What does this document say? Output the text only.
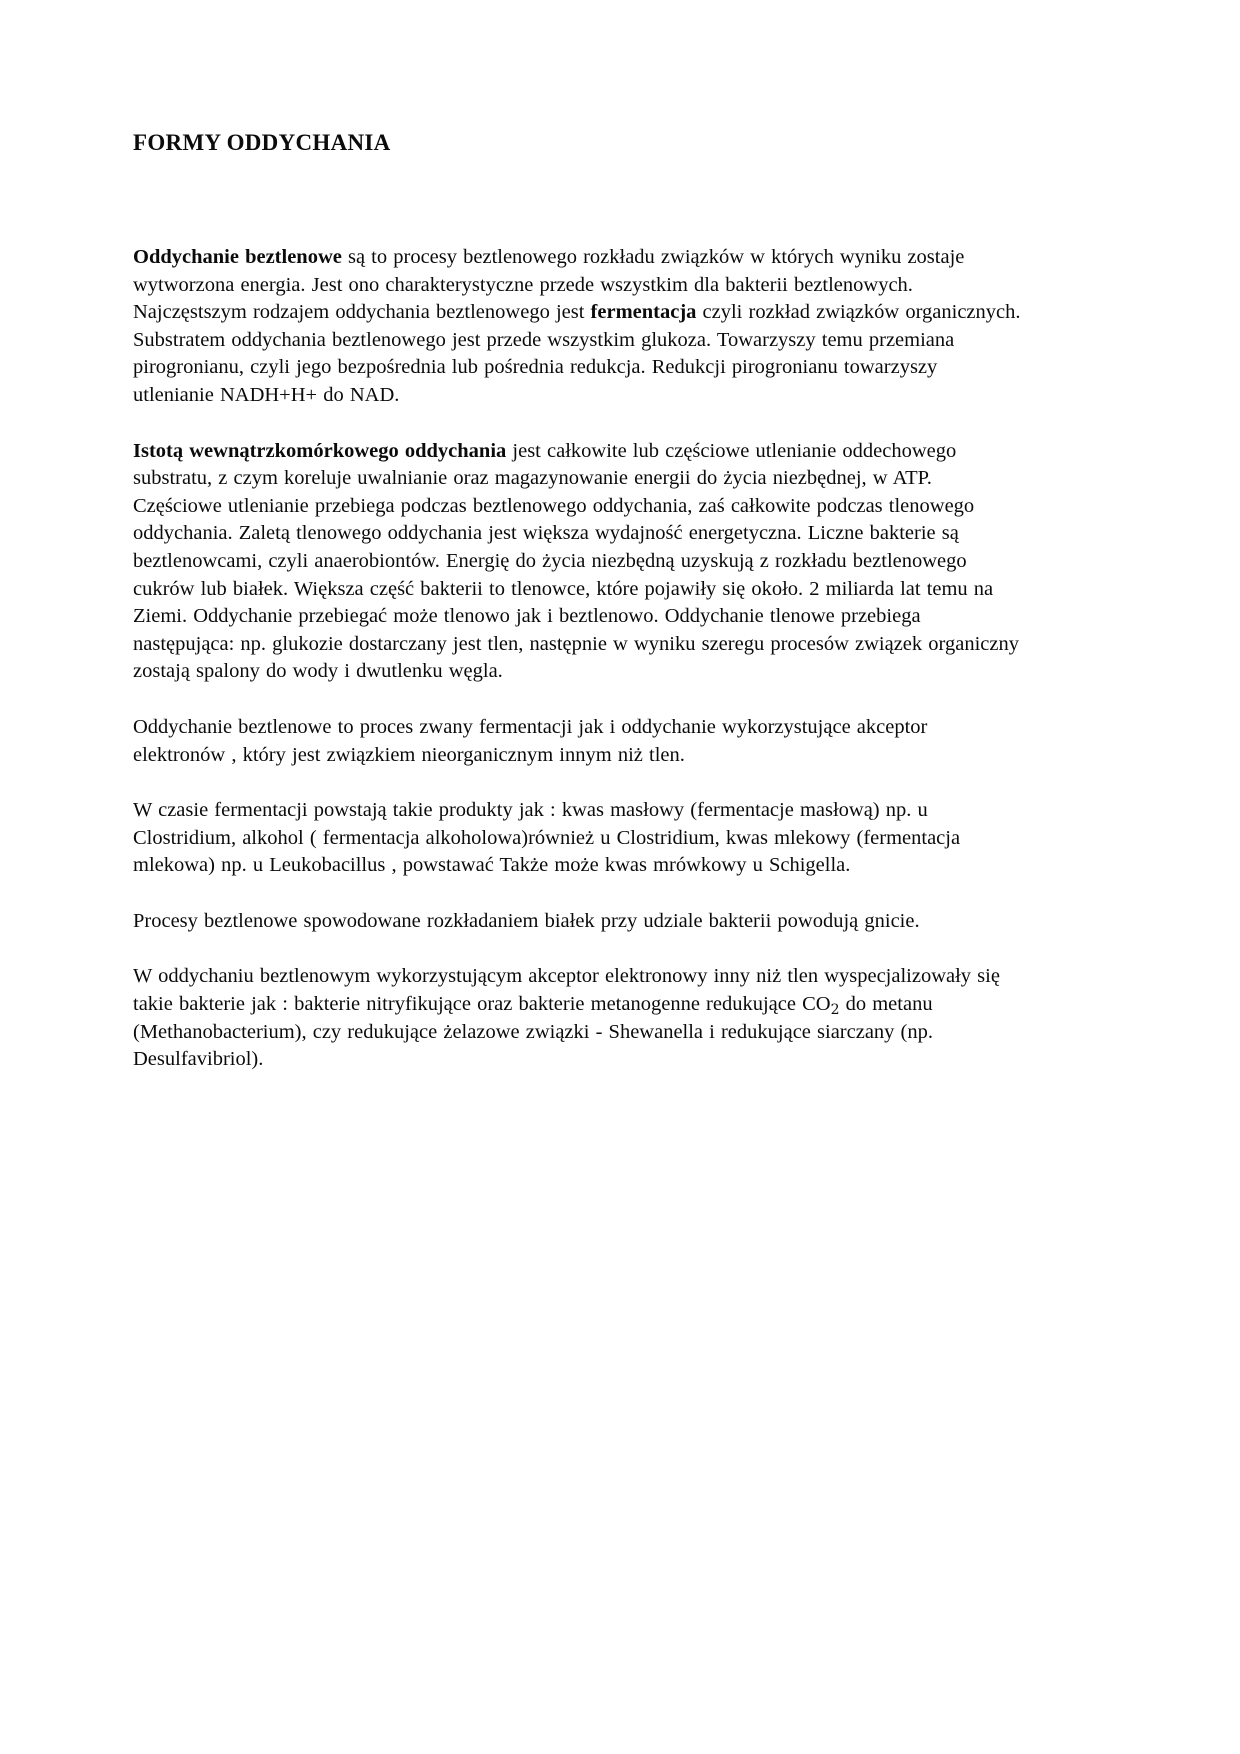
FORMY ODDYCHANIA

Oddychanie beztlenowe są to procesy beztlenowego rozkładu związków w których wyniku zostaje wytworzona energia. Jest ono charakterystyczne przede wszystkim dla bakterii beztlenowych. Najczęstszym rodzajem oddychania beztlenowego jest fermentacja czyli rozkład związków organicznych. Substratem oddychania beztlenowego jest przede wszystkim glukoza. Towarzyszy temu przemiana pirogronianu, czyli jego bezpośrednia lub pośrednia redukcja. Redukcji pirogronianu towarzyszy utlenianie NADH+H+ do NAD.

Istotą wewnątrzkomórkowego oddychania jest całkowite lub częściowe utlenianie oddechowego substratu, z czym koreluje uwalnianie oraz magazynowanie energii do życia niezbędnej, w ATP. Częściowe utlenianie przebiega podczas beztlenowego oddychania, zaś całkowite podczas tlenowego oddychania. Zaletą tlenowego oddychania jest większa wydajność energetyczna. Liczne bakterie są beztlenowcami, czyli anaerobiontów. Energię do życia niezbędną uzyskują z rozkładu beztlenowego cukrów lub białek. Większa część bakterii to tlenowce, które pojawiły się około. 2 miliarda lat temu na Ziemi. Oddychanie przebiegać może tlenowo jak i beztlenowo. Oddychanie tlenowe przebiega następująca: np. glukozie dostarczany jest tlen, następnie w wyniku szeregu procesów związek organiczny zostają spalony do wody i dwutlenku węgla.

Oddychanie beztlenowe to proces zwany fermentacji jak i oddychanie wykorzystujące akceptor elektronów , który jest związkiem nieorganicznym innym niż tlen.

W czasie fermentacji powstają takie produkty jak : kwas masłowy (fermentacje masłową) np. u Clostridium, alkohol ( fermentacja alkoholowa)również u Clostridium, kwas mlekowy (fermentacja mlekowa) np. u Leukobacillus , powstawać Także może kwas mrówkowy u Schigella.

Procesy beztlenowe spowodowane rozkładaniem białek przy udziale bakterii powodują gnicie.

W oddychaniu beztlenowym wykorzystującym akceptor elektronowy inny niż tlen wyspecjalizowały się takie bakterie jak : bakterie nitryfikujące oraz bakterie metanogenne redukujące $CO_2$ do metanu (Methanobacterium), czy redukujące żelazowe związki - Shewanella i redukujące siarczany (np. Desulfavibriol).
